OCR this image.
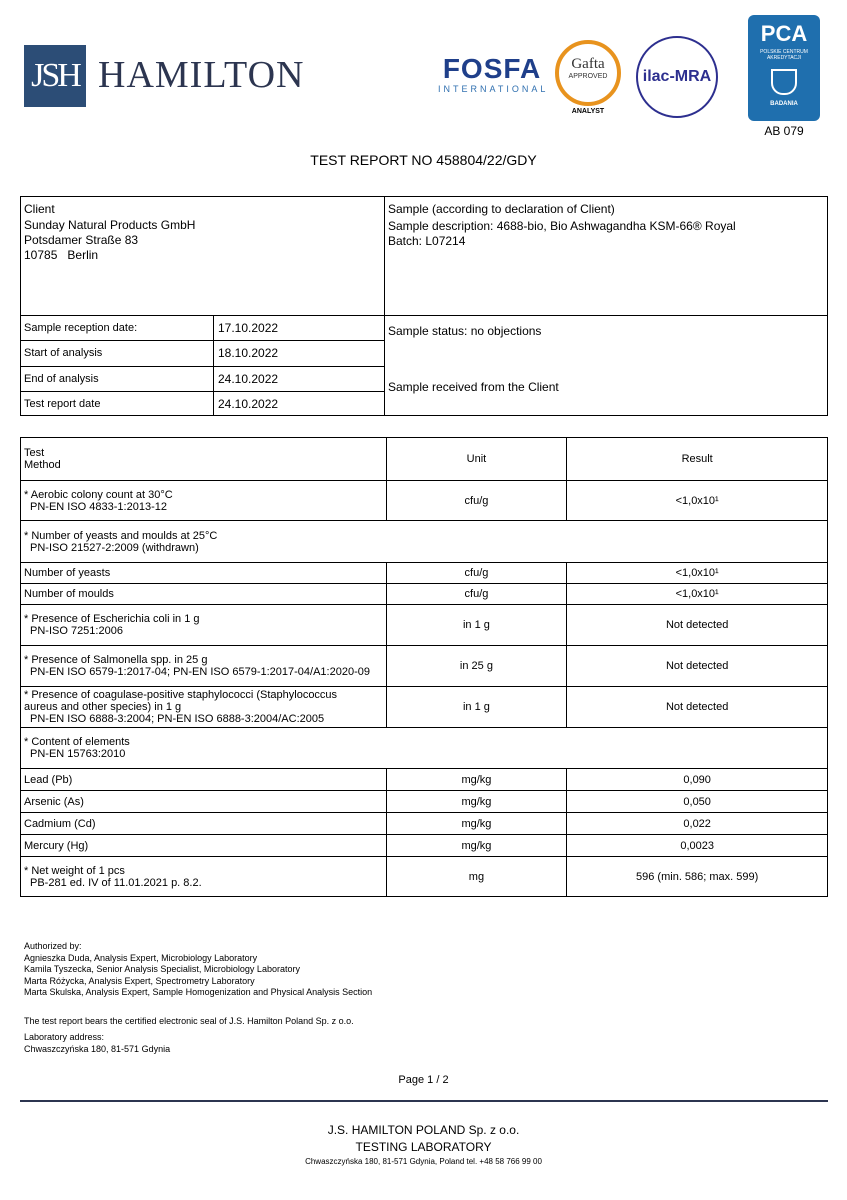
JSH HAMILTON	FOSFA
INTERNATIONAL
Gafta
APPROVED
ANALYST
ilac-MRA
PCA
POLSKIE CENTRUM AKREDYTACJI
BADANIA
AB 079
TEST REPORT NO 458804/22/GDY
Client
Sunday Natural Products GmbH
Potsdamer Straße 83
10785 Berlin
Sample (according to declaration of Client)
Sample description: 4688-bio, Bio Ashwagandha KSM-66® Royal
Batch: L07214
Sample status: no objections
Sample received from the Client
Sample reception date:	17.10.2022
Start of analysis	18.10.2022
End of analysis	24.10.2022
Test report date	24.10.2022
Test
Method	Unit	Result

* Aerobic colony count at 30°C
PN-EN ISO 4833-1:2013-12	cfu/g	<1,0x10¹

* Number of yeasts and moulds at 25°C
PN-ISO 21527-2:2009 (withdrawn)		

Number of yeasts	cfu/g	<1,0x10¹
Number of moulds	cfu/g	<1,0x10¹

* Presence of Escherichia coli in 1 g
PN-ISO 7251:2006	in 1 g	Not detected

* Presence of Salmonella spp. in 25 g
PN-EN ISO 6579-1:2017-04; PN-EN ISO 6579-1:2017-04/A1:2020-09	in 25 g	Not detected

* Presence of coagulase-positive staphylococci (Staphylococcus
aureus and other species) in 1 g
PN-EN ISO 6888-3:2004; PN-EN ISO 6888-3:2004/AC:2005	in 1 g	Not detected

* Content of elements
PN-EN 15763:2010		

Lead (Pb)	mg/kg	0,090
Arsenic (As)	mg/kg	0,050
Cadmium (Cd)	mg/kg	0,022
Mercury (Hg)	mg/kg	0,0023

* Net weight of 1 pcs
PB-281 ed. IV of 11.01.2021 p. 8.2.	mg	596 (min. 586; max. 599)

Authorized by:

Agnieszka Duda, Analysis Expert, Microbiology Laboratory

Kamila Tyszecka, Senior Analysis Specialist, Microbiology Laboratory

Marta Różycka, Analysis Expert, Spectrometry Laboratory

Marta Skulska, Analysis Expert, Sample Homogenization and Physical Analysis Section

The test report bears the certified electronic seal of J.S. Hamilton Poland Sp. z o.o.

Laboratory address:

Chwaszczyńska 180, 81-571 Gdynia

Page 1 / 2
J.S. HAMILTON POLAND Sp. z o.o.
TESTING LABORATORY
Chwaszczyńska 180, 81-571 Gdynia, Poland tel. +48 58 766 99 00
